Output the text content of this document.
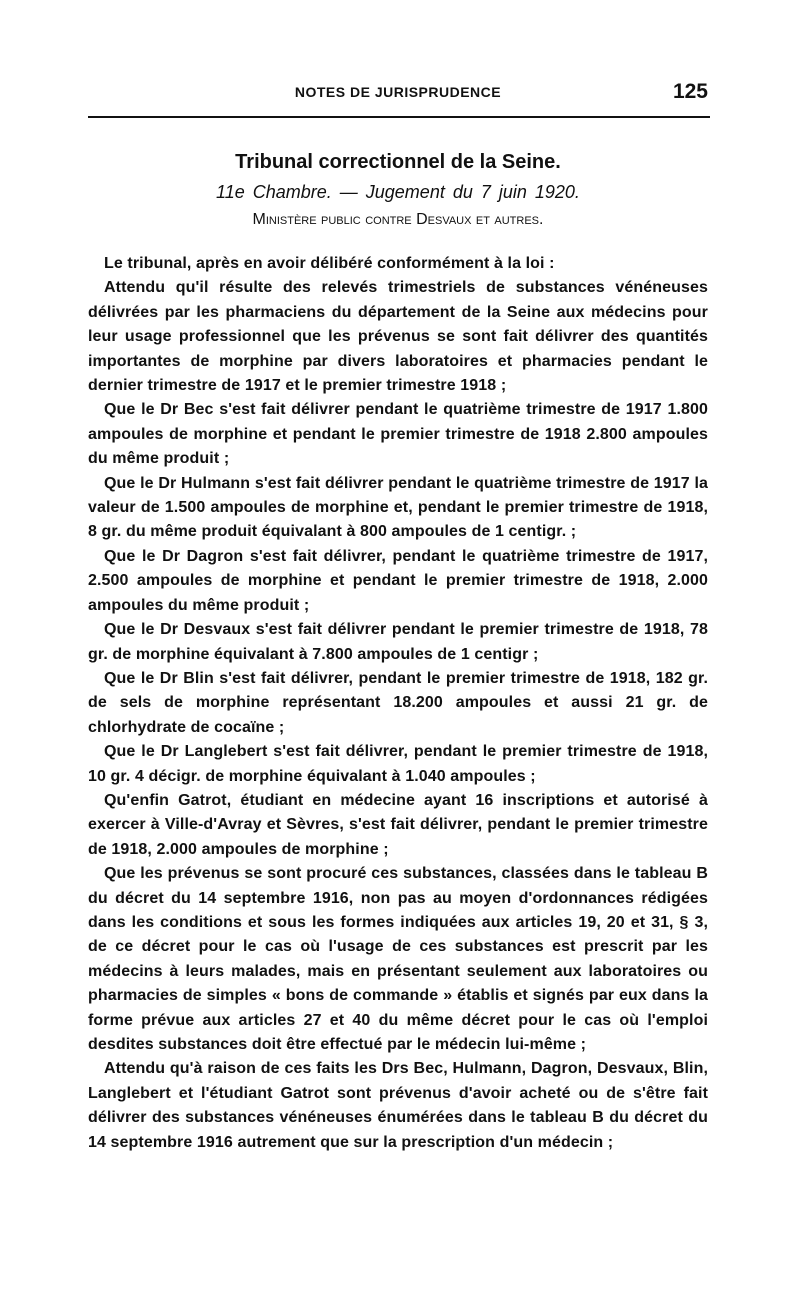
NOTES DE JURISPRUDENCE	125
Tribunal correctionnel de la Seine.
11e Chambre. — Jugement du 7 juin 1920.
Ministère public contre Desvaux et autres.

Le tribunal, après en avoir délibéré conformément à la loi :

Attendu qu'il résulte des relevés trimestriels de substances vénéneuses délivrées par les pharmaciens du département de la Seine aux médecins pour leur usage professionnel que les prévenus se sont fait délivrer des quantités importantes de morphine par divers laboratoires et pharmacies pendant le dernier trimestre de 1917 et le premier trimestre 1918 ;

Que le Dr Bec s'est fait délivrer pendant le quatrième trimestre de 1917 1.800 ampoules de morphine et pendant le premier trimestre de 1918 2.800 ampoules du même produit ;

Que le Dr Hulmann s'est fait délivrer pendant le quatrième trimestre de 1917 la valeur de 1.500 ampoules de morphine et, pendant le premier trimestre de 1918, 8 gr. du même produit équivalant à 800 ampoules de 1 centigr. ;

Que le Dr Dagron s'est fait délivrer, pendant le quatrième trimestre de 1917, 2.500 ampoules de morphine et pendant le premier trimestre de 1918, 2.000 ampoules du même produit ;

Que le Dr Desvaux s'est fait délivrer pendant le premier trimestre de 1918, 78 gr. de morphine équivalant à 7.800 ampoules de 1 centigr ;

Que le Dr Blin s'est fait délivrer, pendant le premier trimestre de 1918, 182 gr. de sels de morphine représentant 18.200 ampoules et aussi 21 gr. de chlorhydrate de cocaïne ;

Que le Dr Langlebert s'est fait délivrer, pendant le premier trimestre de 1918, 10 gr. 4 décigr. de morphine équivalant à 1.040 ampoules ;

Qu'enfin Gatrot, étudiant en médecine ayant 16 inscriptions et autorisé à exercer à Ville-d'Avray et Sèvres, s'est fait délivrer, pendant le premier trimestre de 1918, 2.000 ampoules de morphine ;

Que les prévenus se sont procuré ces substances, classées dans le tableau B du décret du 14 septembre 1916, non pas au moyen d'ordonnances rédigées dans les conditions et sous les formes indiquées aux articles 19, 20 et 31, § 3, de ce décret pour le cas où l'usage de ces substances est prescrit par les médecins à leurs malades, mais en présentant seulement aux laboratoires ou pharmacies de simples « bons de commande » établis et signés par eux dans la forme prévue aux articles 27 et 40 du même décret pour le cas où l'emploi desdites substances doit être effectué par le médecin lui-même ;

Attendu qu'à raison de ces faits les Drs Bec, Hulmann, Dagron, Desvaux, Blin, Langlebert et l'étudiant Gatrot sont prévenus d'avoir acheté ou de s'être fait délivrer des substances vénéneuses énumérées dans le tableau B du décret du 14 septembre 1916 autrement que sur la prescription d'un médecin ;
